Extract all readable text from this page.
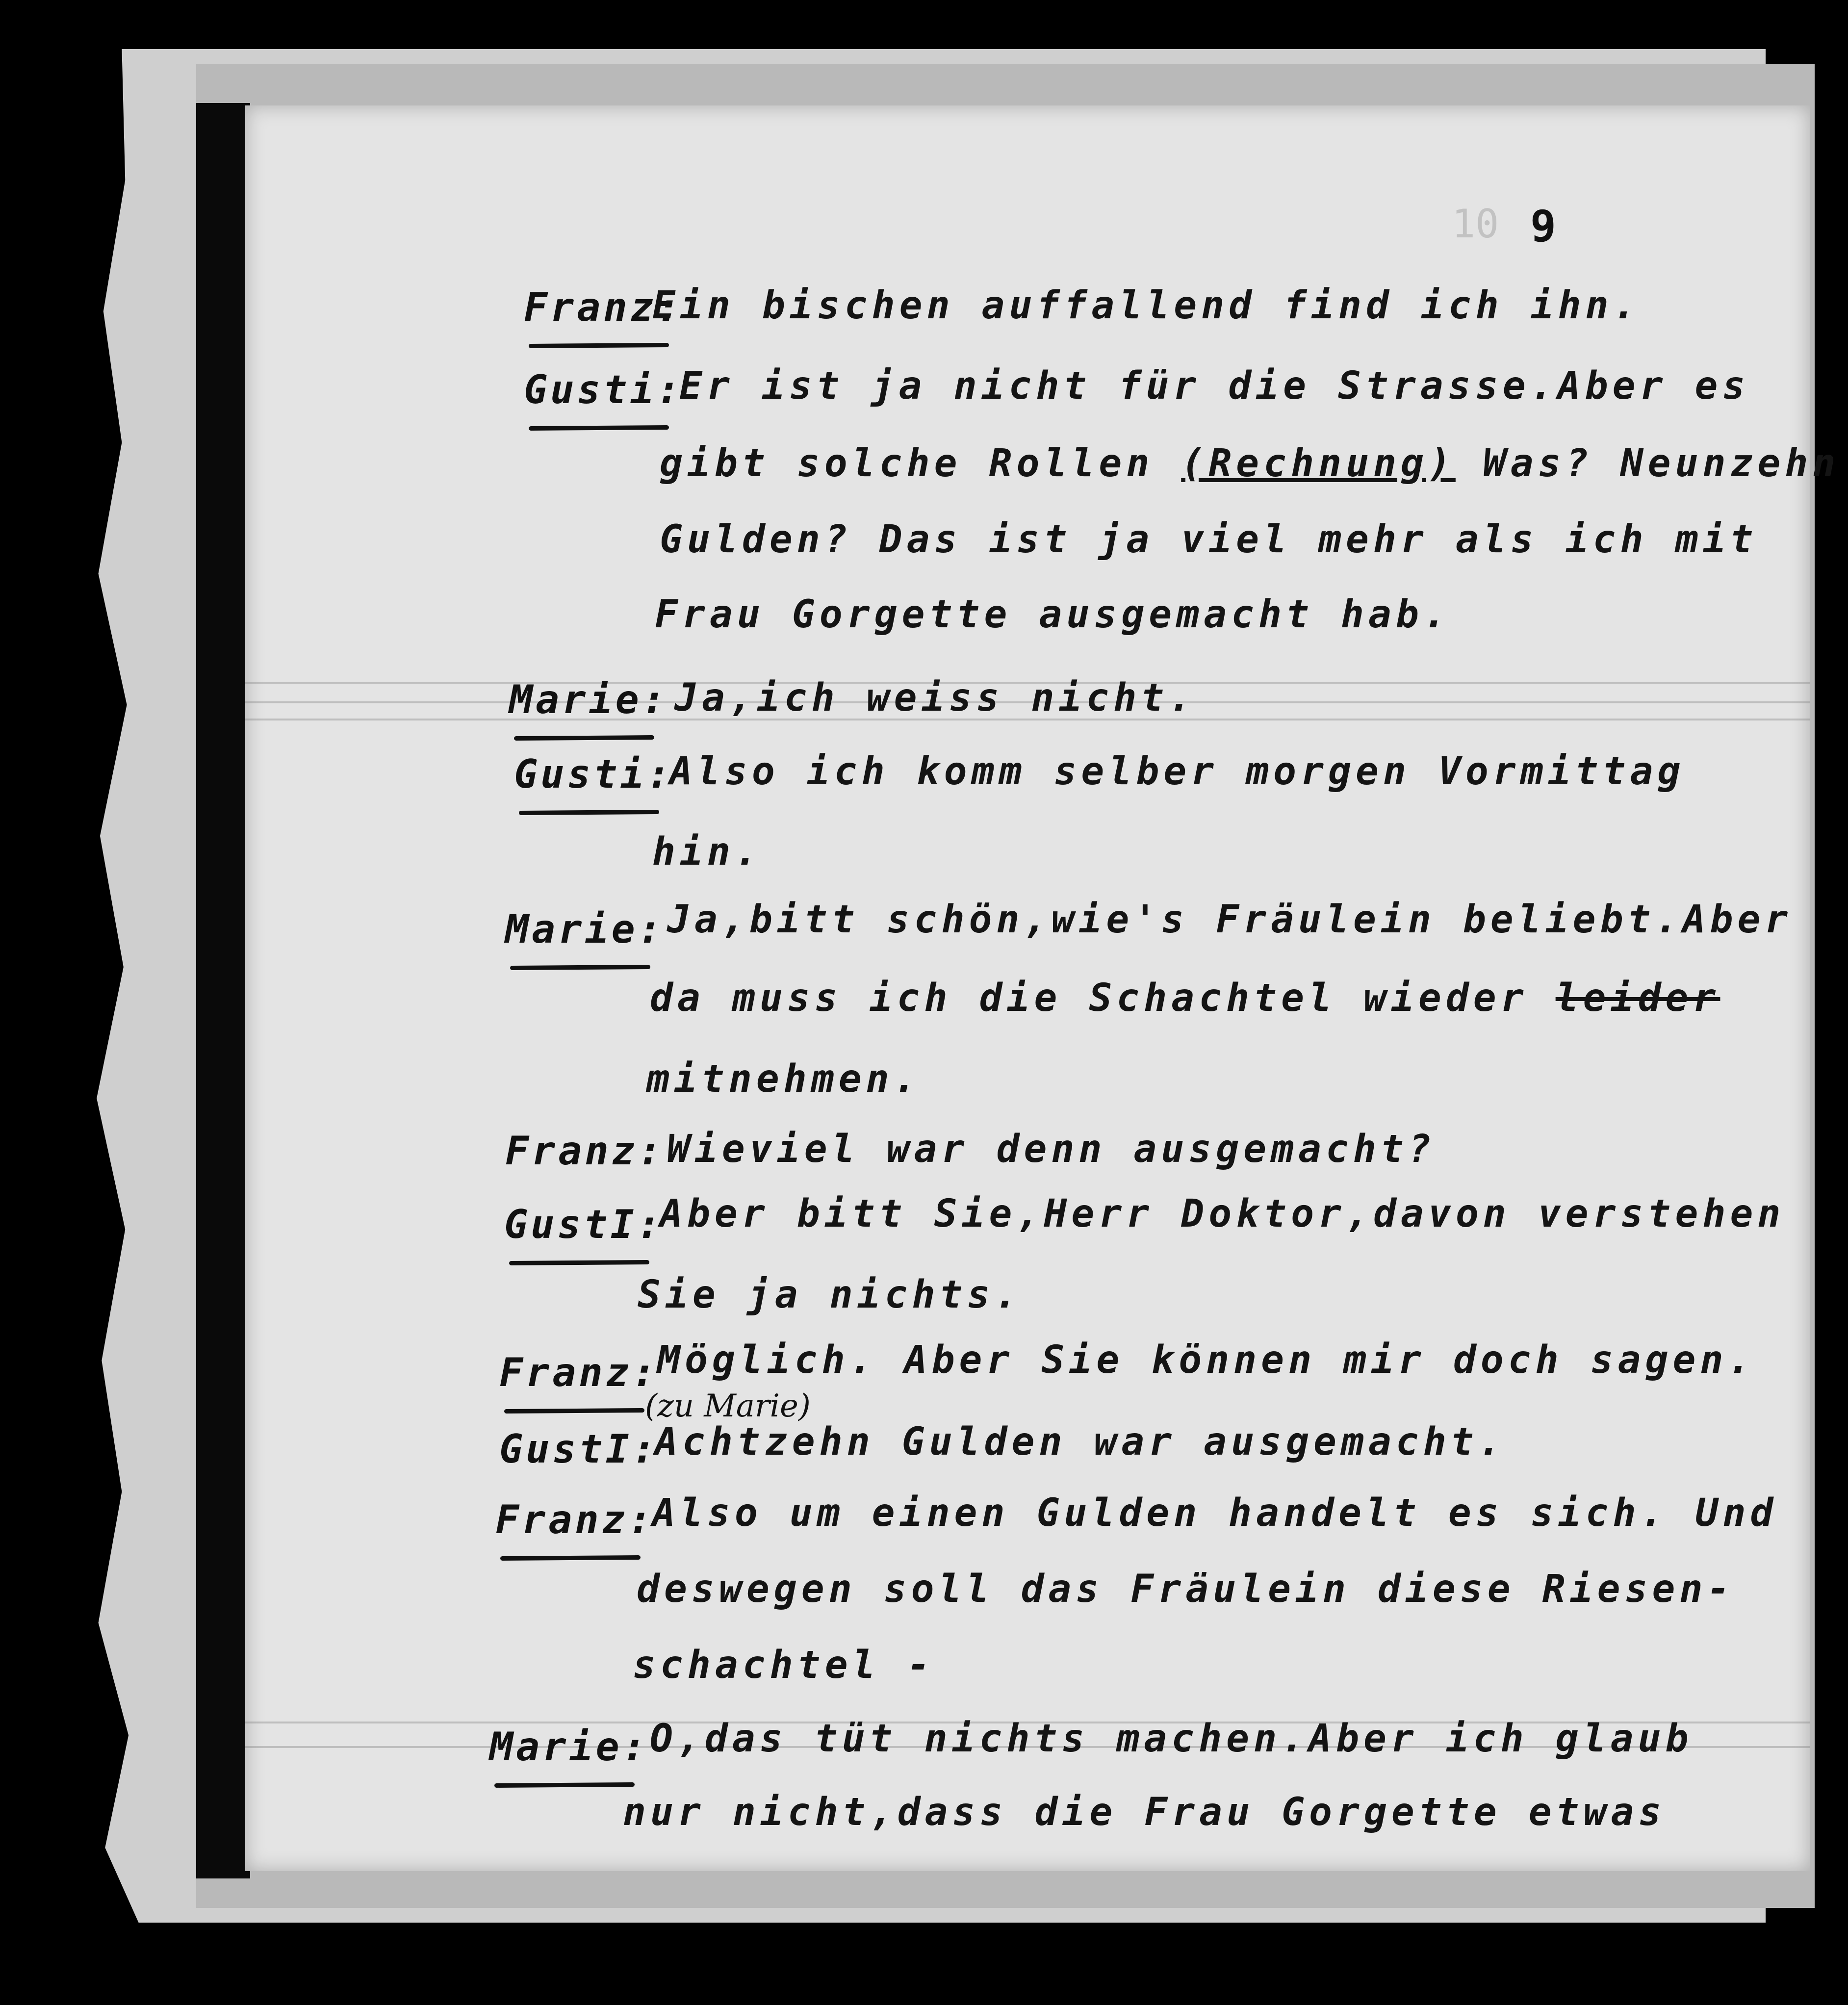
10 9
Franz:
Ein bischen auffallend find ich ihn.
Gusti:
Er ist ja nicht für die Strasse.Aber es
gibt solche Rollen (Rechnung) Was? Neunzehn
Gulden? Das ist ja viel mehr als ich mit
Frau Gorgette ausgemacht hab.
Marie: Ja,ich weiss nicht.
Gusti:
Also ich komm selber morgen Vormittag
hin.
Marie: Ja,bitt schön,wie's Fräulein beliebt.Aber
da muss ich die Schachtel wieder leider
mitnehmen.
Franz: Wieviel war denn ausgemacht?
GustI:
Aber bitt Sie,Herr Doktor,davon verstehen
Sie ja nichts.
Franz:
Möglich. Aber Sie können mir doch sagen.
(zu Marie)
GustI:
Achtzehn Gulden war ausgemacht.
Franz:
Also um einen Gulden handelt es sich. Und
deswegen soll das Fräulein diese Riesen-
schachtel -
Marie: O,das tüt nichts machen.Aber ich glaub
nur nicht,dass die Frau Gorgette etwas
